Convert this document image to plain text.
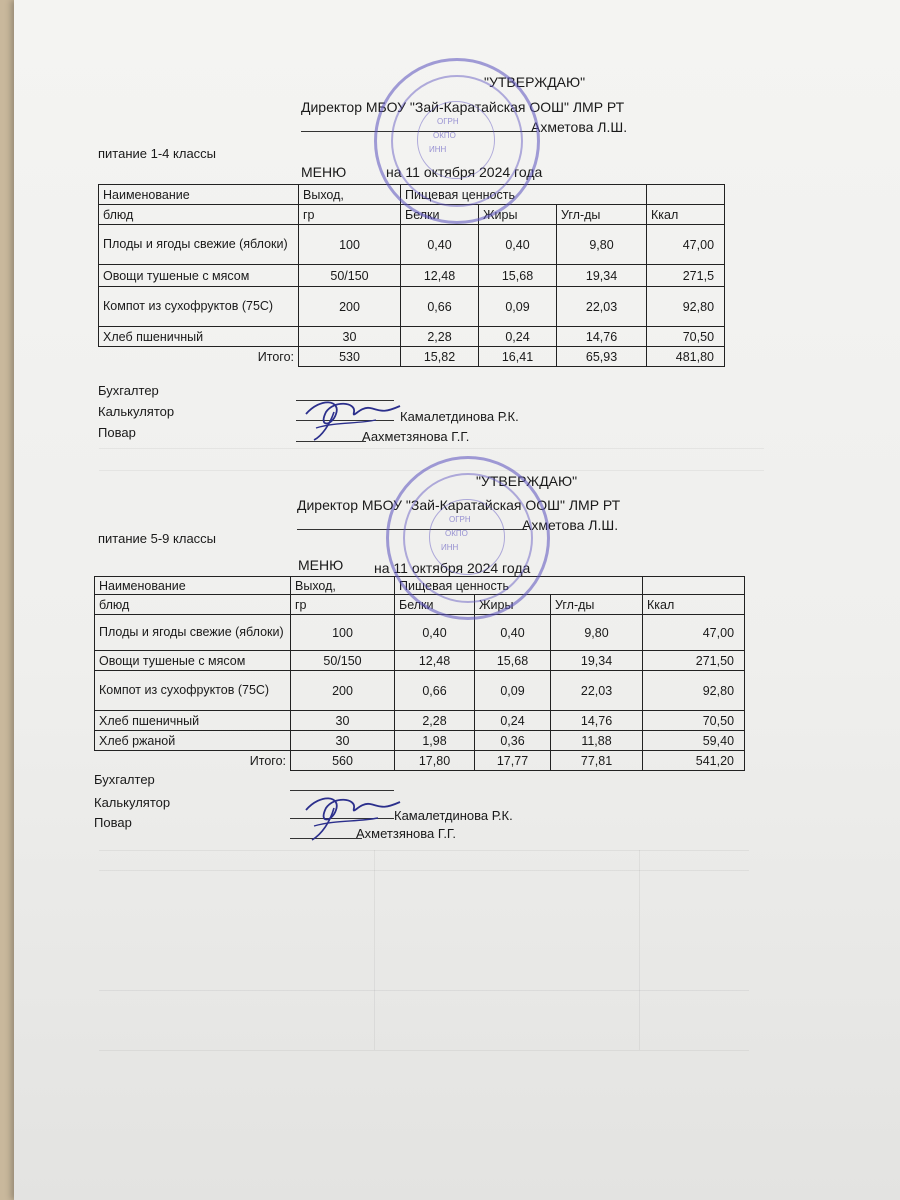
"УТВЕРЖДАЮ"
Директор МБОУ "Зай-Каратайская ООШ" ЛМР РТ
Ахметова Л.Ш.
питание 1-4 классы
МЕНЮ	на 11 октября 2024 года
Наименование	Выход,	Пищевая ценность			
блюд	гр	Белки	Жиры	Угл-ды	Ккал
Плоды и ягоды свежие (яблоки)	100	0,40	0,40	9,80	47,00
Овощи тушеные с мясом	50/150	12,48	15,68	19,34	271,5
Компот из сухофруктов (75С)	200	0,66	0,09	22,03	92,80
Хлеб пшеничный	30	2,28	0,24	14,76	70,50
Итого:	530	15,82	16,41	65,93	481,80
Бухгалтер
Калькулятор
Повар
Камалетдинова Р.К.
Аахметзянова Г.Г.
ОГРН
ОКПО
ИНН
"УТВЕРЖДАЮ"
Директор МБОУ "Зай-Каратайская ООШ" ЛМР РТ
Ахметова Л.Ш.
питание 5-9 классы
МЕНЮ на 11 октября 2024 года
Наименование	Выход,	Пищевая ценность			
блюд	гр	Белки	Жиры	Угл-ды	Ккал
Плоды и ягоды свежие (яблоки)	100	0,40	0,40	9,80	47,00
Овощи тушеные с мясом	50/150	12,48	15,68	19,34	271,50
Компот из сухофруктов (75С)	200	0,66	0,09	22,03	92,80
Хлеб пшеничный	30	2,28	0,24	14,76	70,50
Хлеб ржаной	30	1,98	0,36	11,88	59,40
Итого:	560	17,80	17,77	77,81	541,20
Бухгалтер
Калькулятор
Повар	Камалетдинова Р.К.
Ахметзянова Г.Г.
ОГРН
ОКПО
ИНН
